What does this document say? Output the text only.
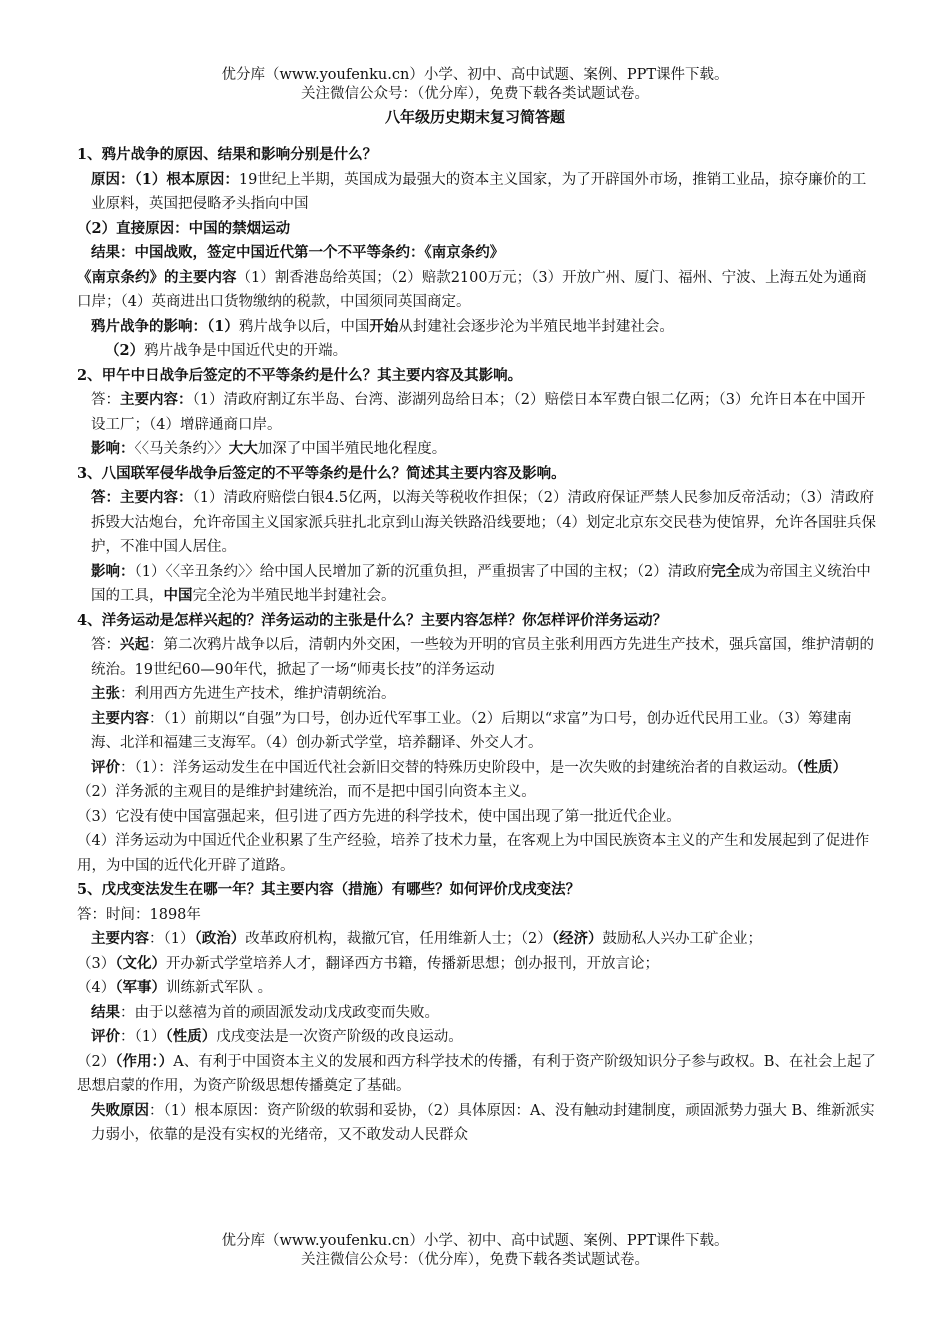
优分库（www.youfenku.cn）小学、初中、高中试题、案例、PPT课件下载。
关注微信公众号：（优分库），免费下载各类试题试卷。
八年级历史期末复习简答题

1、鸦片战争的原因、结果和影响分别是什么？

原因：（1）根本原因：19世纪上半期，英国成为最强大的资本主义国家，为了开辟国外市场，推销工业品，掠夺廉价的工业原料，英国把侵略矛头指向中国

（2）直接原因：中国的禁烟运动

结果：中国战败，签定中国近代第一个不平等条约：《南京条约》

《南京条约》的主要内容（1）割香港岛给英国；（2）赔款2100万元；（3）开放广州、厦门、福州、宁波、上海五处为通商口岸；（4）英商进出口货物缴纳的税款，中国须同英国商定。

鸦片战争的影响：（1）鸦片战争以后，中国开始从封建社会逐步沦为半殖民地半封建社会。

（2）鸦片战争是中国近代史的开端。

2、甲午中日战争后签定的不平等条约是什么？其主要内容及其影响。

答：主要内容：（1）清政府割辽东半岛、台湾、澎湖列岛给日本；（2）赔偿日本军费白银二亿两；（3）允许日本在中国开设工厂；（4）增辟通商口岸。

影响：〈〈马关条约〉〉大大加深了中国半殖民地化程度。

3、八国联军侵华战争后签定的不平等条约是什么？简述其主要内容及影响。

答：主要内容：（1）清政府赔偿白银4.5亿两，以海关等税收作担保；（2）清政府保证严禁人民参加反帝活动；（3）清政府拆毁大沽炮台，允许帝国主义国家派兵驻扎北京到山海关铁路沿线要地；（4）划定北京东交民巷为使馆界，允许各国驻兵保护，不准中国人居住。

影响：（1）〈〈辛丑条约〉〉给中国人民增加了新的沉重负担，严重损害了中国的主权；（2）清政府完全成为帝国主义统治中国的工具，中国完全沦为半殖民地半封建社会。

4、洋务运动是怎样兴起的？洋务运动的主张是什么？主要内容怎样？你怎样评价洋务运动？

答：兴起：第二次鸦片战争以后，清朝内外交困，一些较为开明的官员主张利用西方先进生产技术，强兵富国，维护清朝的统治。19世纪60—90年代，掀起了一场“师夷长技”的洋务运动

主张：利用西方先进生产技术，维护清朝统治。

主要内容：（1）前期以“自强”为口号，创办近代军事工业。（2）后期以“求富”为口号，创办近代民用工业。（3）筹建南海、北洋和福建三支海军。（4）创办新式学堂，培养翻译、外交人才。

评价：（1）：洋务运动发生在中国近代社会新旧交替的特殊历史阶段中，是一次失败的封建统治者的自救运动。（性质）

（2）洋务派的主观目的是维护封建统治，而不是把中国引向资本主义。

（3）它没有使中国富强起来，但引进了西方先进的科学技术，使中国出现了第一批近代企业。

（4）洋务运动为中国近代企业积累了生产经验，培养了技术力量，在客观上为中国民族资本主义的产生和发展起到了促进作用，为中国的近代化开辟了道路。

5、戊戌变法发生在哪一年？其主要内容（措施）有哪些？如何评价戊戌变法？

答：时间：1898年

主要内容：（1）（政治）改革政府机构，裁撤冗官，任用维新人士；（2）（经济）鼓励私人兴办工矿企业；

（3）（文化）开办新式学堂培养人才，翻译西方书籍，传播新思想；创办报刊，开放言论；

（4）（军事）训练新式军队 。

结果：由于以慈禧为首的顽固派发动戊戌政变而失败。

评价：（1）（性质）戊戌变法是一次资产阶级的改良运动。

（2）（作用：）A、有利于中国资本主义的发展和西方科学技术的传播，有利于资产阶级知识分子参与政权。B、在社会上起了思想启蒙的作用，为资产阶级思想传播奠定了基础。

失败原因：（1）根本原因：资产阶级的软弱和妥协，（2）具体原因：A、没有触动封建制度，顽固派势力强大 B、维新派实力弱小，依靠的是没有实权的光绪帝，又不敢发动人民群众

优分库（www.youfenku.cn）小学、初中、高中试题、案例、PPT课件下载。
关注微信公众号：（优分库），免费下载各类试题试卷。
